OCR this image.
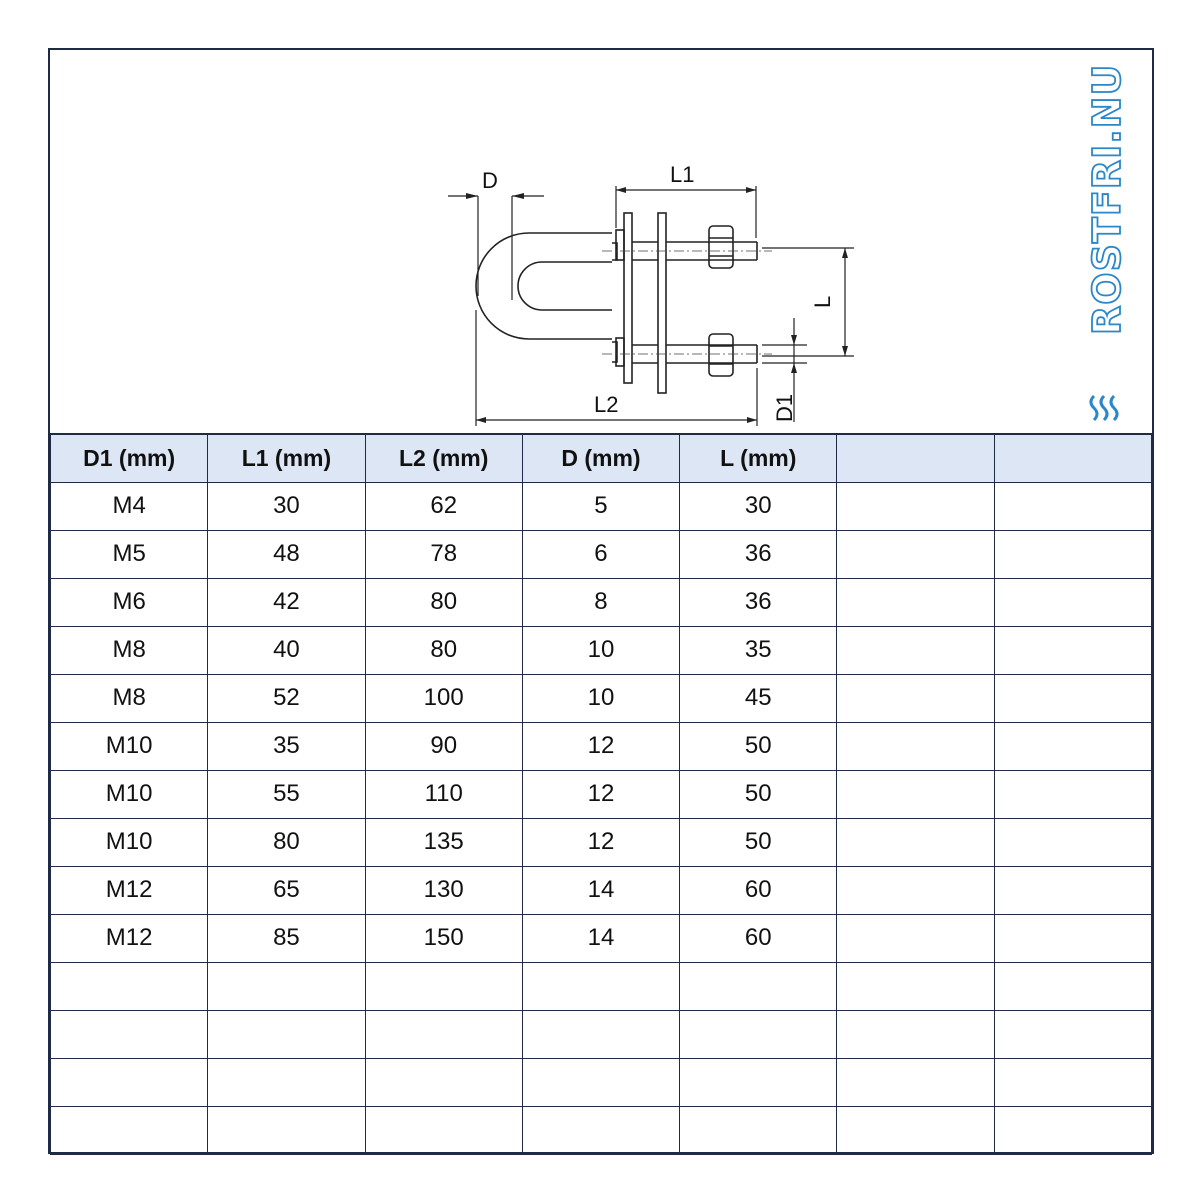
D	L1
L
L2	D1
ROSTFRI.NU
D1 (mm)	L1 (mm)	L2 (mm)	D (mm)	L (mm)		
M4	30	62	5	30		
M5	48	78	6	36		
M6	42	80	8	36		
M8	40	80	10	35		
M8	52	100	10	45		
M10	35	90	12	50		
M10	55	110	12	50		
M10	80	135	12	50		
M12	65	130	14	60		
M12	85	150	14	60		
